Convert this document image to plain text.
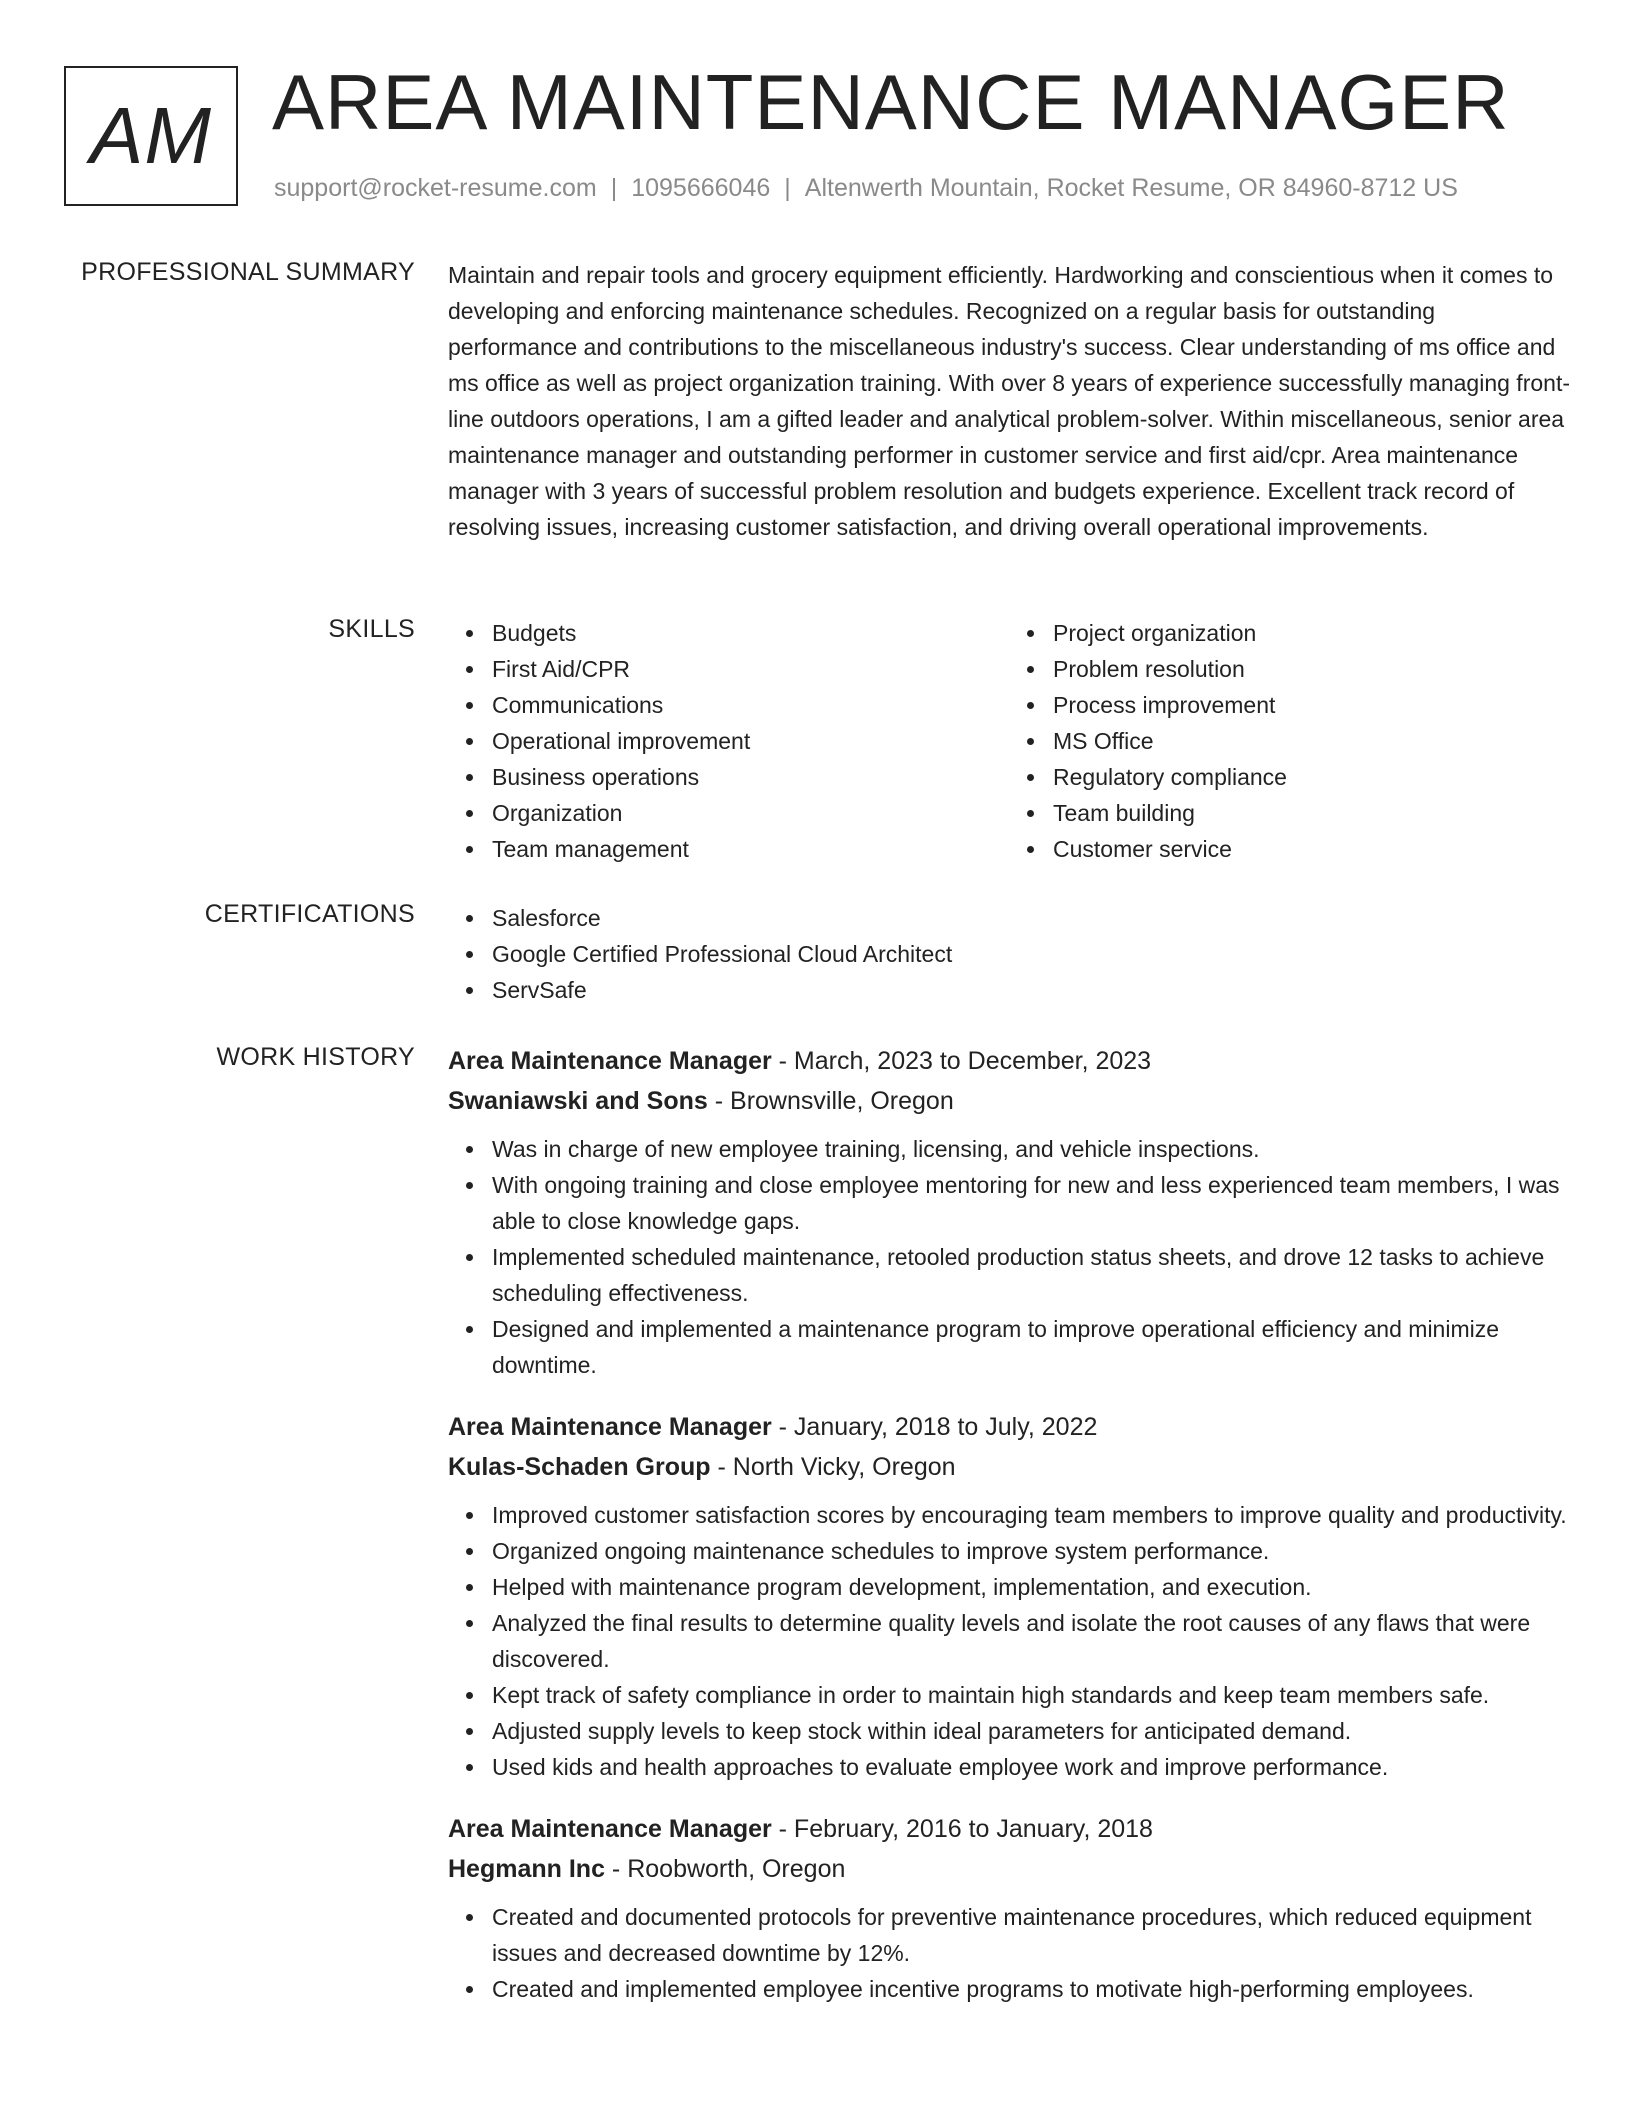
AM AREA MAINTENANCE MANAGER
support@rocket-resume.com | 1095666046 | Altenwerth Mountain, Rocket Resume, OR 84960-8712 US
PROFESSIONAL SUMMARY Maintain and repair tools and grocery equipment efficiently. Hardworking and conscientious when it comes to developing and enforcing maintenance schedules. Recognized on a regular basis for outstanding performance and contributions to the miscellaneous industry's success. Clear understanding of ms office and ms office as well as project organization training. With over 8 years of experience successfully managing front-line outdoors operations, I am a gifted leader and analytical problem-solver. Within miscellaneous, senior area maintenance manager and outstanding performer in customer service and first aid/cpr. Area maintenance manager with 3 years of successful problem resolution and budgets experience. Excellent track record of resolving issues, increasing customer satisfaction, and driving overall operational improvements.

SKILLS	Budgets
First Aid/CPR
Communications
Operational improvement
Business operations
Organization
Team management
Project organization
Problem resolution
Process improvement
MS Office
Regulatory compliance
Team building
Customer service
CERTIFICATIONS	Salesforce
Google Certified Professional Cloud Architect
ServSafe
WORK HISTORY Area Maintenance Manager - March, 2023 to December, 2023
Swaniawski and Sons - Brownsville, Oregon
Was in charge of new employee training, licensing, and vehicle inspections.
With ongoing training and close employee mentoring for new and less experienced team members, I was able to close knowledge gaps.
Implemented scheduled maintenance, retooled production status sheets, and drove 12 tasks to achieve scheduling effectiveness.
Designed and implemented a maintenance program to improve operational efficiency and minimize downtime.
Area Maintenance Manager - January, 2018 to July, 2022
Kulas-Schaden Group - North Vicky, Oregon
Improved customer satisfaction scores by encouraging team members to improve quality and productivity.
Organized ongoing maintenance schedules to improve system performance.
Helped with maintenance program development, implementation, and execution.
Analyzed the final results to determine quality levels and isolate the root causes of any flaws that were discovered.
Kept track of safety compliance in order to maintain high standards and keep team members safe.
Adjusted supply levels to keep stock within ideal parameters for anticipated demand.
Used kids and health approaches to evaluate employee work and improve performance.
Area Maintenance Manager - February, 2016 to January, 2018
Hegmann Inc - Roobworth, Oregon
Created and documented protocols for preventive maintenance procedures, which reduced equipment issues and decreased downtime by 12%.
Created and implemented employee incentive programs to motivate high-performing employees.
